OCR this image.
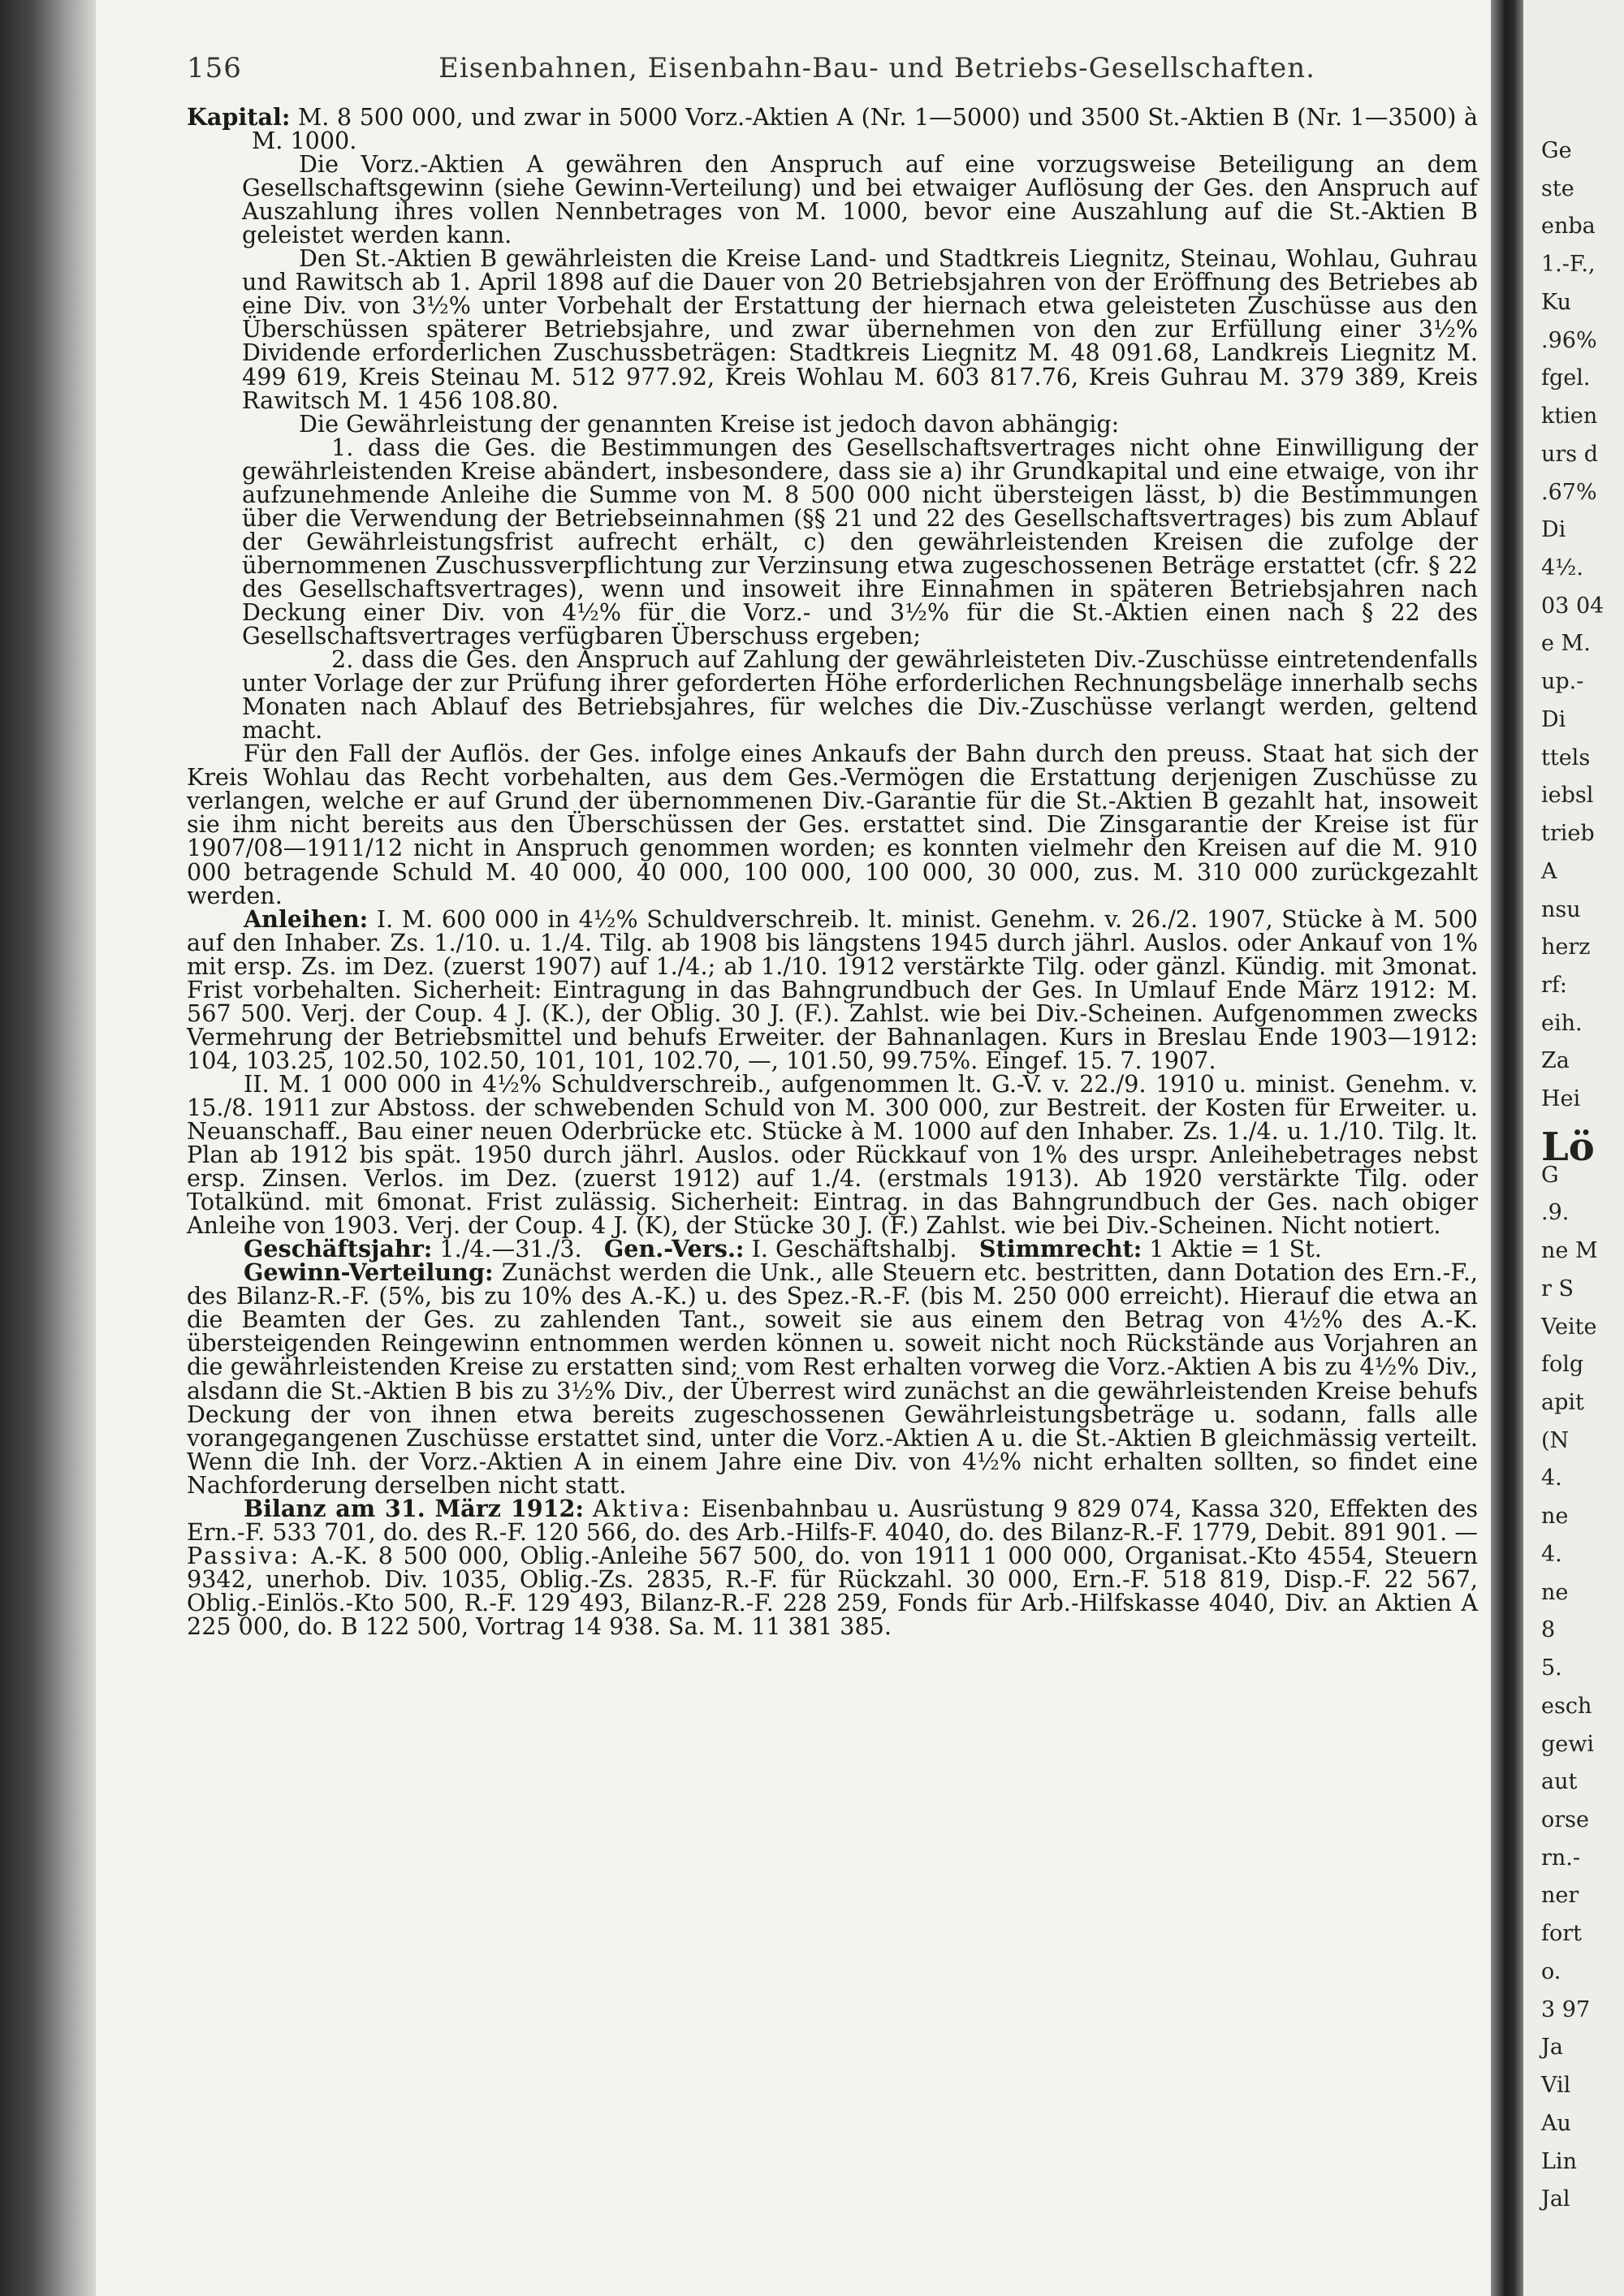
156	Eisenbahnen, Eisenbahn-Bau- und Betriebs-Gesellschaften.

Kapital: M. 8 500 000, und zwar in 5000 Vorz.-Aktien A (Nr. 1—5000) und 3500 St.-Aktien B (Nr. 1—3500) à M. 1000.

Die Vorz.-Aktien A gewähren den Anspruch auf eine vorzugsweise Beteiligung an dem Gesellschaftsgewinn (siehe Gewinn-Verteilung) und bei etwaiger Auflösung der Ges. den Anspruch auf Auszahlung ihres vollen Nennbetrages von M. 1000, bevor eine Auszahlung auf die St.-Aktien B geleistet werden kann.

Den St.-Aktien B gewährleisten die Kreise Land- und Stadtkreis Liegnitz, Steinau, Wohlau, Guhrau und Rawitsch ab 1. April 1898 auf die Dauer von 20 Betriebsjahren von der Eröffnung des Betriebes ab eine Div. von 3½% unter Vorbehalt der Erstattung der hiernach etwa geleisteten Zuschüsse aus den Überschüssen späterer Betriebsjahre, und zwar übernehmen von den zur Erfüllung einer 3½% Dividende erforderlichen Zuschussbeträgen: Stadtkreis Liegnitz M. 48 091.68, Landkreis Liegnitz M. 499 619, Kreis Steinau M. 512 977.92, Kreis Wohlau M. 603 817.76, Kreis Guhrau M. 379 389, Kreis Rawitsch M. 1 456 108.80.

Die Gewährleistung der genannten Kreise ist jedoch davon abhängig:

1. dass die Ges. die Bestimmungen des Gesellschaftsvertrages nicht ohne Einwilligung der gewährleistenden Kreise abändert, insbesondere, dass sie a) ihr Grundkapital und eine etwaige, von ihr aufzunehmende Anleihe die Summe von M. 8 500 000 nicht übersteigen lässt, b) die Bestimmungen über die Verwendung der Betriebseinnahmen (§§ 21 und 22 des Gesellschaftsvertrages) bis zum Ablauf der Gewährleistungsfrist aufrecht erhält, c) den gewährleistenden Kreisen die zufolge der übernommenen Zuschussverpflichtung zur Verzinsung etwa zugeschossenen Beträge erstattet (cfr. § 22 des Gesellschaftsvertrages), wenn und insoweit ihre Einnahmen in späteren Betriebsjahren nach Deckung einer Div. von 4½% für die Vorz.- und 3½% für die St.-Aktien einen nach § 22 des Gesellschaftsvertrages verfügbaren Überschuss ergeben;

2. dass die Ges. den Anspruch auf Zahlung der gewährleisteten Div.-Zuschüsse eintretendenfalls unter Vorlage der zur Prüfung ihrer geforderten Höhe erforderlichen Rechnungsbeläge innerhalb sechs Monaten nach Ablauf des Betriebsjahres, für welches die Div.-Zuschüsse verlangt werden, geltend macht.

Für den Fall der Auflös. der Ges. infolge eines Ankaufs der Bahn durch den preuss. Staat hat sich der Kreis Wohlau das Recht vorbehalten, aus dem Ges.-Vermögen die Erstattung derjenigen Zuschüsse zu verlangen, welche er auf Grund der übernommenen Div.-Garantie für die St.-Aktien B gezahlt hat, insoweit sie ihm nicht bereits aus den Überschüssen der Ges. erstattet sind. Die Zinsgarantie der Kreise ist für 1907/08—1911/12 nicht in Anspruch genommen worden; es konnten vielmehr den Kreisen auf die M. 910 000 betragende Schuld M. 40 000, 40 000, 100 000, 100 000, 30 000, zus. M. 310 000 zurückgezahlt werden.

Anleihen: I. M. 600 000 in 4½% Schuldverschreib. lt. minist. Genehm. v. 26./2. 1907, Stücke à M. 500 auf den Inhaber. Zs. 1./10. u. 1./4. Tilg. ab 1908 bis längstens 1945 durch jährl. Auslos. oder Ankauf von 1% mit ersp. Zs. im Dez. (zuerst 1907) auf 1./4.; ab 1./10. 1912 verstärkte Tilg. oder gänzl. Kündig. mit 3monat. Frist vorbehalten. Sicherheit: Eintragung in das Bahngrundbuch der Ges. In Umlauf Ende März 1912: M. 567 500. Verj. der Coup. 4 J. (K.), der Oblig. 30 J. (F.). Zahlst. wie bei Div.-Scheinen. Aufgenommen zwecks Vermehrung der Betriebsmittel und behufs Erweiter. der Bahnanlagen. Kurs in Breslau Ende 1903—1912: 104, 103.25, 102.50, 102.50, 101, 101, 102.70, —, 101.50, 99.75%. Eingef. 15. 7. 1907.

II. M. 1 000 000 in 4½% Schuldverschreib., aufgenommen lt. G.-V. v. 22./9. 1910 u. minist. Genehm. v. 15./8. 1911 zur Abstoss. der schwebenden Schuld von M. 300 000, zur Bestreit. der Kosten für Erweiter. u. Neuanschaff., Bau einer neuen Oderbrücke etc. Stücke à M. 1000 auf den Inhaber. Zs. 1./4. u. 1./10. Tilg. lt. Plan ab 1912 bis spät. 1950 durch jährl. Auslos. oder Rückkauf von 1% des urspr. Anleihebetrages nebst ersp. Zinsen. Verlos. im Dez. (zuerst 1912) auf 1./4. (erstmals 1913). Ab 1920 verstärkte Tilg. oder Totalkünd. mit 6monat. Frist zulässig. Sicherheit: Eintrag. in das Bahngrundbuch der Ges. nach obiger Anleihe von 1903. Verj. der Coup. 4 J. (K), der Stücke 30 J. (F.) Zahlst. wie bei Div.-Scheinen. Nicht notiert.

Geschäftsjahr: 1./4.—31./3. Gen.-Vers.: I. Geschäftshalbj. Stimmrecht: 1 Aktie = 1 St.

Gewinn-Verteilung: Zunächst werden die Unk., alle Steuern etc. bestritten, dann Dotation des Ern.-F., des Bilanz-R.-F. (5%, bis zu 10% des A.-K.) u. des Spez.-R.-F. (bis M. 250 000 erreicht). Hierauf die etwa an die Beamten der Ges. zu zahlenden Tant., soweit sie aus einem den Betrag von 4½% des A.-K. übersteigenden Reingewinn entnommen werden können u. soweit nicht noch Rückstände aus Vorjahren an die gewährleistenden Kreise zu erstatten sind; vom Rest erhalten vorweg die Vorz.-Aktien A bis zu 4½% Div., alsdann die St.-Aktien B bis zu 3½% Div., der Überrest wird zunächst an die gewährleistenden Kreise behufs Deckung der von ihnen etwa bereits zugeschossenen Gewährleistungsbeträge u. sodann, falls alle vorangegangenen Zuschüsse erstattet sind, unter die Vorz.-Aktien A u. die St.-Aktien B gleichmässig verteilt. Wenn die Inh. der Vorz.-Aktien A in einem Jahre eine Div. von 4½% nicht erhalten sollten, so findet eine Nachforderung derselben nicht statt.

Bilanz am 31. März 1912: Aktiva: Eisenbahnbau u. Ausrüstung 9 829 074, Kassa 320, Effekten des Ern.-F. 533 701, do. des R.-F. 120 566, do. des Arb.-Hilfs-F. 4040, do. des Bilanz-R.-F. 1779, Debit. 891 901. — Passiva: A.-K. 8 500 000, Oblig.-Anleihe 567 500, do. von 1911 1 000 000, Organisat.-Kto 4554, Steuern 9342, unerhob. Div. 1035, Oblig.-Zs. 2835, R.-F. für Rückzahl. 30 000, Ern.-F. 518 819, Disp.-F. 22 567, Oblig.-Einlös.-Kto 500, R.-F. 129 493, Bilanz-R.-F. 228 259, Fonds für Arb.-Hilfskasse 4040, Div. an Aktien A 225 000, do. B 122 500, Vortrag 14 938. Sa. M. 11 381 385.

Ge
ste
enba
1.-F.,
Ku
.96%
fgel.
ktien
urs d
.67%
Di
4½.
03 04
e M.
up.-
Di
ttels
iebsl
trieb
A
nsu
herz
rf:
eih.
Za
Hei
Lö
G
.9.
ne M
r S
Veite
folg
apit
(N
4.
ne
4.
ne
8
5.
esch
gewi
aut
orse
rn.-
ner
fort
o.
3 97
Ja
Vil
Au
Lin
Jal
